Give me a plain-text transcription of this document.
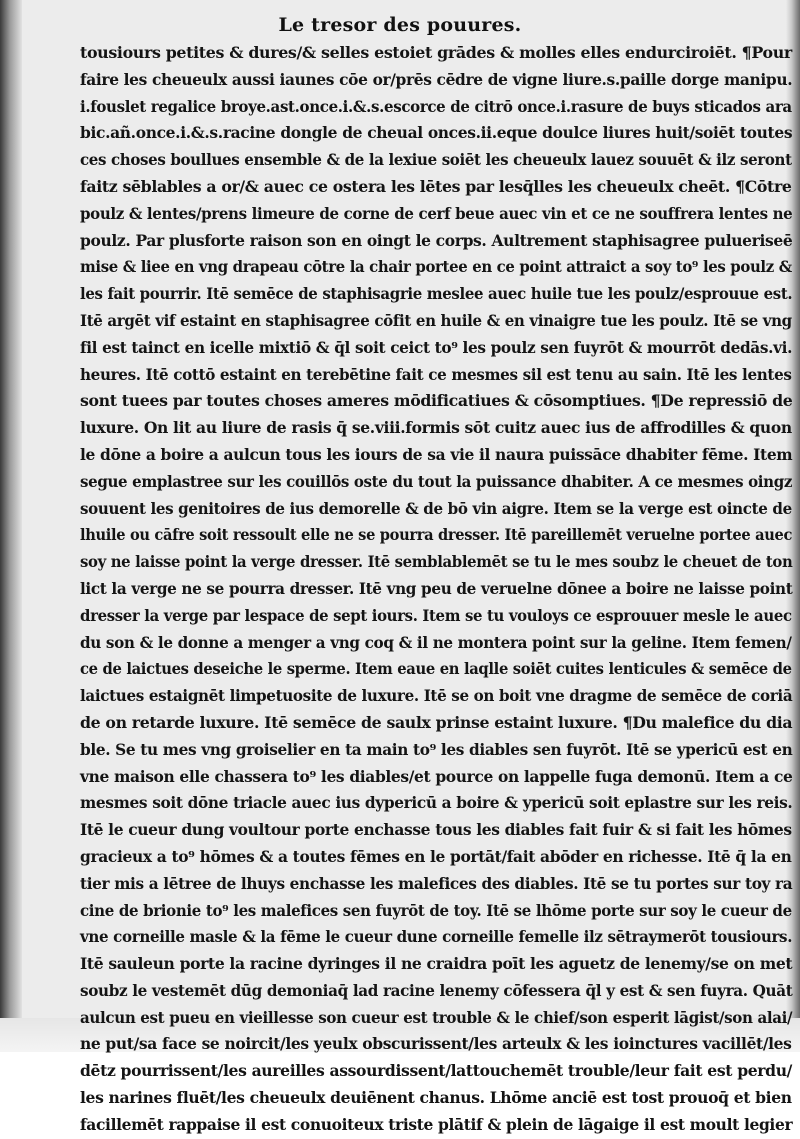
Le tresor des pouures.
tousiours petites & dures/& selles estoiet grādes & molles elles endurciroiēt. ¶Pour
faire les cheueulx aussi iaunes cōe or/prēs cēdre de vigne liure.s.paille dorge manipu.
i.fouslet regalice broye.ast.once.i.&.s.escorce de citrō once.i.rasure de buys sticados ara
bic.añ.once.i.&.s.racine dongle de cheual onces.ii.eque doulce liures huit/soiēt toutes
ces choses boullues ensemble & de la lexiue soiēt les cheueulx lauez souuēt & ilz seront
faitz sēblables a or/& auec ce ostera les lētes par lesq̄lles les cheueulx cheēt. ¶Cōtre
poulz & lentes/prens limeure de corne de cerf beue auec vin et ce ne souffrera lentes ne
poulz. Par plusforte raison son en oingt le corps. Aultrement staphisagree pulueriseē
mise & liee en vng drapeau cōtre la chair portee en ce point attraict a soy to⁹ les poulz &
les fait pourrir. Itē semēce de staphisagrie meslee auec huile tue les poulz/esprouue est.
Itē argēt vif estaint en staphisagree cōfit en huile & en vinaigre tue les poulz. Itē se vng
fil est tainct en icelle mixtiō & q̄l soit ceict to⁹ les poulz sen fuyrōt & mourrōt dedās.vi.
heures. Itē cottō estaint en terebētine fait ce mesmes sil est tenu au sain. Itē les lentes
sont tuees par toutes choses ameres mōdificatiues & cōsomptiues. ¶De repressiō de
luxure. On lit au liure de rasis q̄ se.viii.formis sōt cuitz auec ius de affrodilles & quon
le dōne a boire a aulcun tous les iours de sa vie il naura puissāce dhabiter fēme. Item
segue emplastree sur les couillōs oste du tout la puissance dhabiter. A ce mesmes oingz
souuent les genitoires de ius demorelle & de bō vin aigre. Item se la verge est oincte de
lhuile ou cāfre soit ressoult elle ne se pourra dresser. Itē pareillemēt veruelne portee auec
soy ne laisse point la verge dresser. Itē semblablemēt se tu le mes soubz le cheuet de ton
lict la verge ne se pourra dresser. Itē vng peu de veruelne dōnee a boire ne laisse point
dresser la verge par lespace de sept iours. Item se tu vouloys ce esprouuer mesle le auec
du son & le donne a menger a vng coq & il ne montera point sur la geline. Item femen/
ce de laictues deseiche le sperme. Item eaue en laqlle soiēt cuites lenticules & semēce de
laictues estaignēt limpetuosite de luxure. Itē se on boit vne dragme de semēce de coriā
de on retarde luxure. Itē semēce de saulx prinse estaint luxure. ¶Du malefice du dia
ble. Se tu mes vng groiselier en ta main to⁹ les diables sen fuyrōt. Itē se ypericū est en
vne maison elle chassera to⁹ les diables/et pource on lappelle fuga demonū. Item a ce
mesmes soit dōne triacle auec ius dypericū a boire & ypericū soit eplastre sur les reis.
Itē le cueur dung voultour porte enchasse tous les diables fait fuir & si fait les hōmes
gracieux a to⁹ hōmes & a toutes fēmes en le portāt/fait abōder en richesse. Itē q̄ la en
tier mis a lētree de lhuys enchasse les malefices des diables. Itē se tu portes sur toy ra
cine de brionie to⁹ les malefices sen fuyrōt de toy. Itē se lhōme porte sur soy le cueur de
vne corneille masle & la fēme le cueur dune corneille femelle ilz sētraymerōt tousiours.
Itē sauleun porte la racine dyringes il ne craidra poīt les aguetz de lenemy/se on met
soubz le vestemēt dūg demoniaq̄ lad racine lenemy cōfessera q̄l y est & sen fuyra. Quāt
aulcun est pueu en vieillesse son cueur est trouble & le chief/son esperit lāgist/son alai/
ne put/sa face se noircit/les yeulx obscurissent/les arteulx & les ioinctures vacillēt/les
dētz pourrissent/les aureilles assourdissent/lattouchemēt trouble/leur fait est perdu/
les narines fluēt/les cheueulx deuiēnent chanus. Lhōme anciē est tost prouoq̄ et bien
facillemēt rappaise il est conuoiteux triste plātif & plein de lāgaige il est moult legier
